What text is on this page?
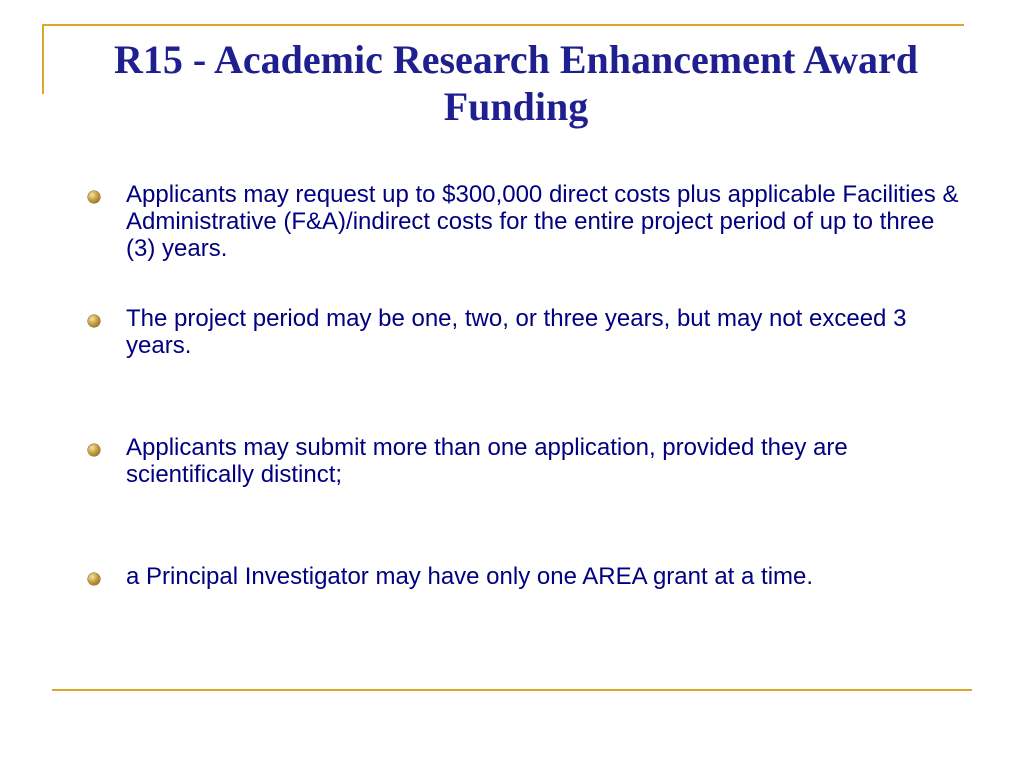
R15 - Academic Research Enhancement Award Funding
Applicants may request up to $300,000 direct costs plus applicable Facilities & Administrative (F&A)/indirect costs for the entire project period of up to three (3) years.
The project period may be one, two, or three years, but may not exceed 3 years.
Applicants may submit more than one application, provided they are scientifically distinct;
a Principal Investigator may have only one AREA grant at a time.
